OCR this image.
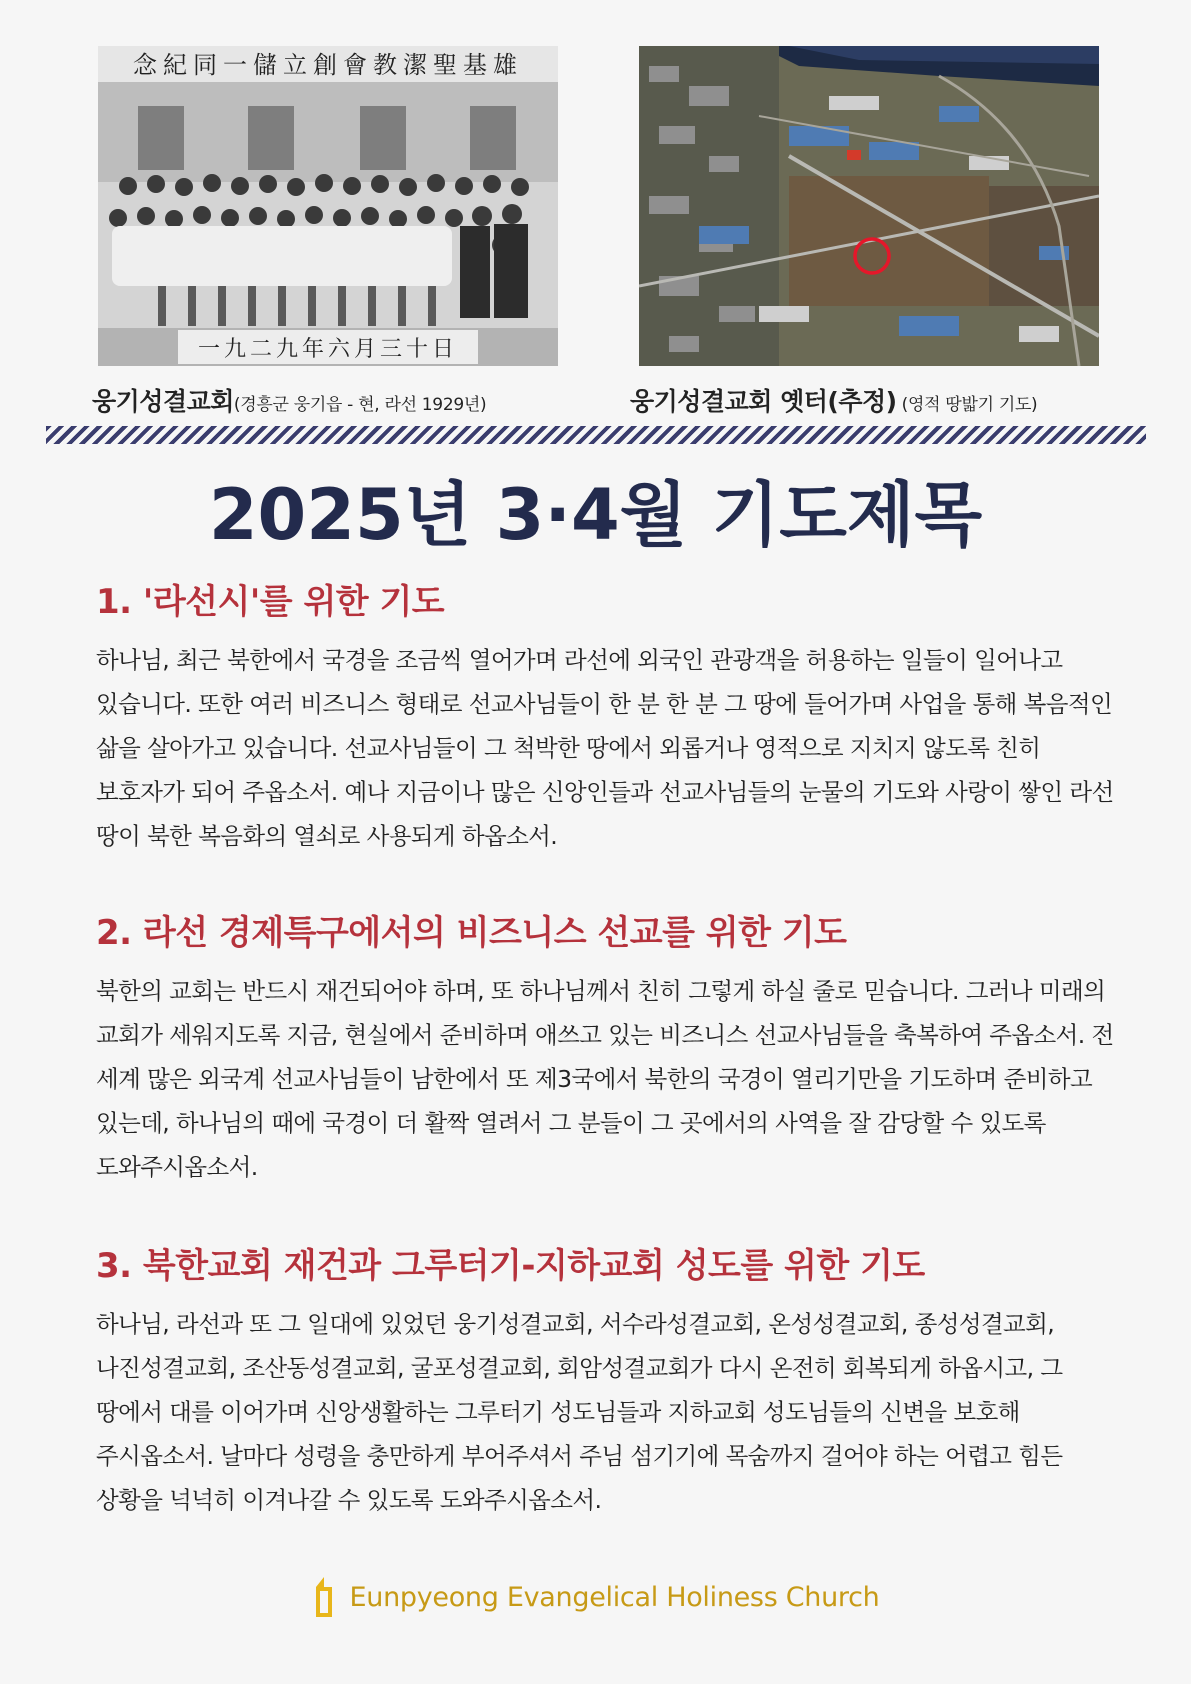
念紀同一儲立創會教潔聖基雄
一九二九年六月三十日
웅기성결교회(경흥군 웅기읍 - 현, 라선 1929년)	웅기성결교회 옛터(추정) (영적 땅밟기 기도)
2025년 3·4월 기도제목
1. '라선시'를 위한 기도

하나님, 최근 북한에서 국경을 조금씩 열어가며 라선에 외국인 관광객을 허용하는 일들이 일어나고 있습니다. 또한 여러 비즈니스 형태로 선교사님들이 한 분 한 분 그 땅에 들어가며 사업을 통해 복음적인 삶을 살아가고 있습니다. 선교사님들이 그 척박한 땅에서 외롭거나 영적으로 지치지 않도록 친히 보호자가 되어 주옵소서. 예나 지금이나 많은 신앙인들과 선교사님들의 눈물의 기도와 사랑이 쌓인 라선 땅이 북한 복음화의 열쇠로 사용되게 하옵소서.

2. 라선 경제특구에서의 비즈니스 선교를 위한 기도

북한의 교회는 반드시 재건되어야 하며, 또 하나님께서 친히 그렇게 하실 줄로 믿습니다. 그러나 미래의 교회가 세워지도록 지금, 현실에서 준비하며 애쓰고 있는 비즈니스 선교사님들을 축복하여 주옵소서. 전 세계 많은 외국계 선교사님들이 남한에서 또 제3국에서 북한의 국경이 열리기만을 기도하며 준비하고 있는데, 하나님의 때에 국경이 더 활짝 열려서 그 분들이 그 곳에서의 사역을 잘 감당할 수 있도록 도와주시옵소서.

3. 북한교회 재건과 그루터기-지하교회 성도를 위한 기도

하나님, 라선과 또 그 일대에 있었던 웅기성결교회, 서수라성결교회, 온성성결교회, 종성성결교회, 나진성결교회, 조산동성결교회, 굴포성결교회, 회암성결교회가 다시 온전히 회복되게 하옵시고, 그 땅에서 대를 이어가며 신앙생활하는 그루터기 성도님들과 지하교회 성도님들의 신변을 보호해 주시옵소서. 날마다 성령을 충만하게 부어주셔서 주님 섬기기에 목숨까지 걸어야 하는 어렵고 힘든 상황을 넉넉히 이겨나갈 수 있도록 도와주시옵소서.

Eunpyeong Evangelical Holiness Church
